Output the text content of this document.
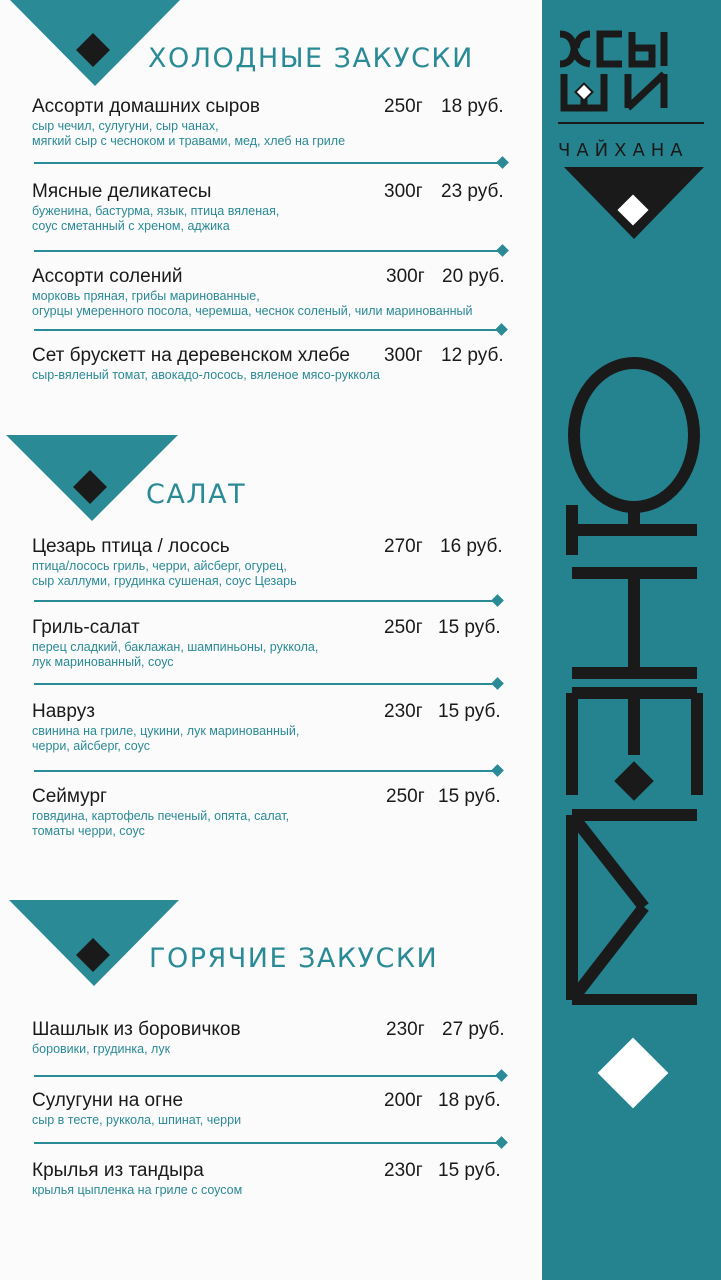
ХОЛОДНЫЕ ЗАКУСКИ
Ассорти домашних сыров	250г 18 руб.
сыр чечил, сулугуни, сыр чанах,
мягкий сыр с чесноком и травами, мед, хлеб на гриле
Мясные деликатесы	300г 23 руб.
буженина, бастурма, язык, птица вяленая,
соус сметанный с хреном, аджика
Ассорти солений	300г 20 руб.
морковь пряная, грибы маринованные,
огурцы умеренного посола, черемша, чеснок соленый, чили маринованный
Сет брускетт на деревенском хлебе	300г 12 руб.
сыр-вяленый томат, авокадо-лосось, вяленое мясо-руккола
САЛАТ
Цезарь птица / лосось	270г 16 руб.
птица/лосось гриль, черри, айсберг, огурец,
сыр халлуми, грудинка сушеная, соус Цезарь
Гриль-салат	250г 15 руб.
перец сладкий, баклажан, шампиньоны, руккола,
лук маринованный, соус
Навруз	230г 15 руб.
свинина на гриле, цукини, лук маринованный,
черри, айсберг, соус
Сеймург	250г 15 руб.
говядина, картофель печеный, опята, салат,
томаты черри, соус
ГОРЯЧИЕ ЗАКУСКИ
Шашлык из боровичков	230г 27 руб.
боровики, грудинка, лук
Сулугуни на огне	200г 18 руб.
сыр в тесте, руккола, шпинат, черри
Крылья из тандыра	230г 15 руб.
крылья цыпленка на гриле с соусом
ЧАЙХАНА
